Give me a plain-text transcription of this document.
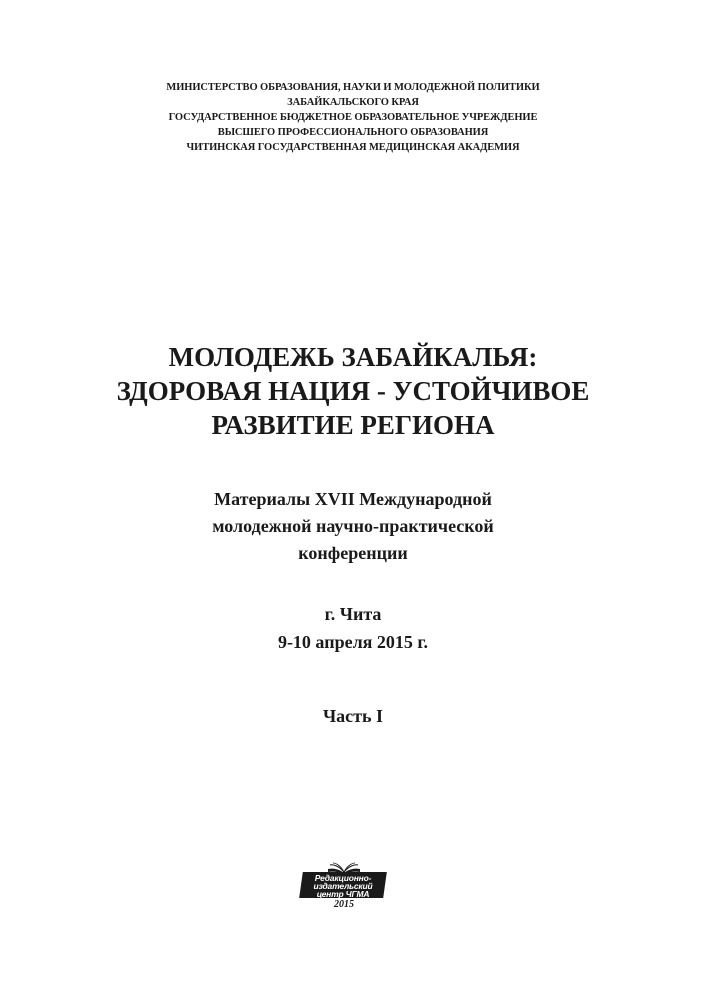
МИНИСТЕРСТВО ОБРАЗОВАНИЯ, НАУКИ И МОЛОДЕЖНОЙ ПОЛИТИКИ
ЗАБАЙКАЛЬСКОГО КРАЯ
ГОСУДАРСТВЕННОЕ БЮДЖЕТНОЕ ОБРАЗОВАТЕЛЬНОЕ УЧРЕЖДЕНИЕ
ВЫСШЕГО ПРОФЕССИОНАЛЬНОГО ОБРАЗОВАНИЯ
ЧИТИНСКАЯ ГОСУДАРСТВЕННАЯ МЕДИЦИНСКАЯ АКАДЕМИЯ
МОЛОДЕЖЬ ЗАБАЙКАЛЬЯ:
ЗДОРОВАЯ НАЦИЯ - УСТОЙЧИВОЕ
РАЗВИТИЕ РЕГИОНА
Материалы XVII Международной
молодежной научно-практической
конференции
г. Чита
9-10 апреля 2015 г.
Часть I
Редакционно-
издательский
центр ЧГМА
2015
